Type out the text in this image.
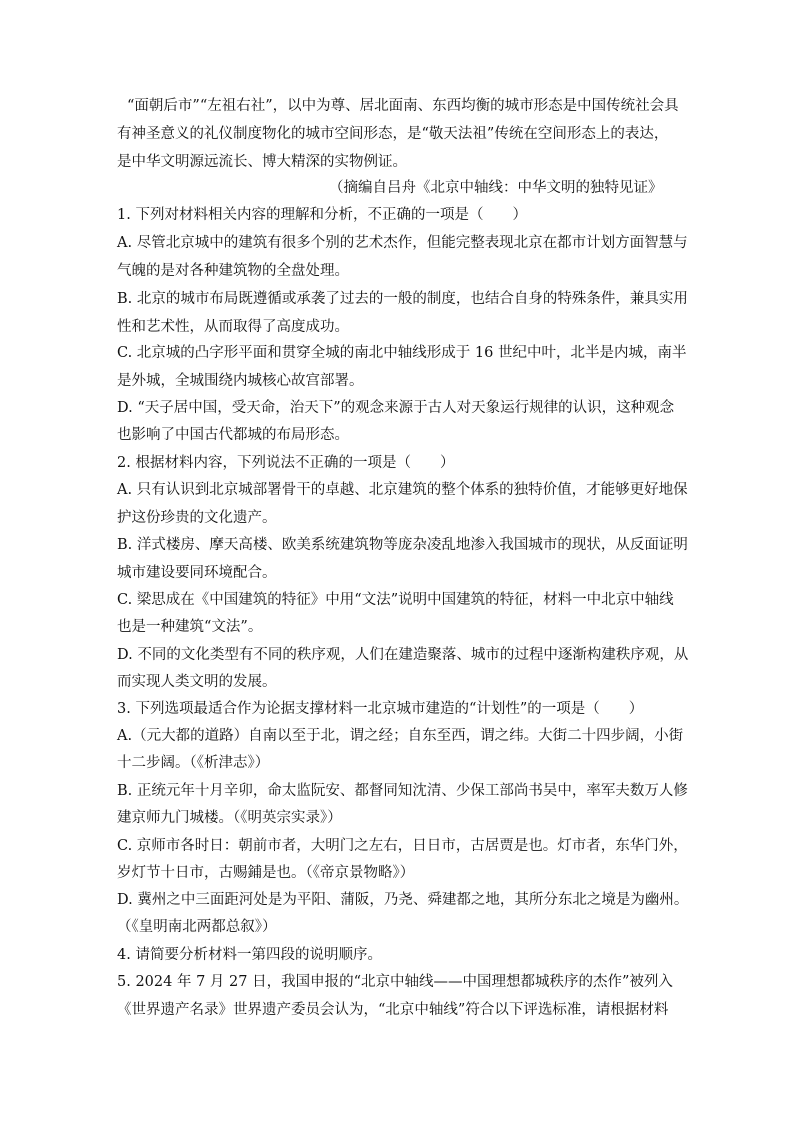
“面朝后市”“左祖右社”，以中为尊、居北面南、东西均衡的城市形态是中国传统社会具
有神圣意义的礼仪制度物化的城市空间形态，是“敬天法祖”传统在空间形态上的表达，
是中华文明源远流长、博大精深的实物例证。
（摘编自吕舟《北京中轴线：中华文明的独特见证》
1. 下列对材料相关内容的理解和分析，不正确的一项是（　　）
A. 尽管北京城中的建筑有很多个别的艺术杰作，但能完整表现北京在都市计划方面智慧与
气魄的是对各种建筑物的全盘处理。
B. 北京的城市布局既遵循或承袭了过去的一般的制度，也结合自身的特殊条件，兼具实用
性和艺术性，从而取得了高度成功。
C. 北京城的凸字形平面和贯穿全城的南北中轴线形成于 16 世纪中叶，北半是内城，南半
是外城，全城围绕内城核心故宫部署。
D. “天子居中国，受天命，治天下”的观念来源于古人对天象运行规律的认识，这种观念
也影响了中国古代都城的布局形态。
2. 根据材料内容，下列说法不正确的一项是（　　）
A. 只有认识到北京城部署骨干的卓越、北京建筑的整个体系的独特价值，才能够更好地保
护这份珍贵的文化遗产。
B. 洋式楼房、摩天高楼、欧美系统建筑物等庞杂凌乱地渗入我国城市的现状，从反面证明
城市建设要同环境配合。
C. 梁思成在《中国建筑的特征》中用“文法”说明中国建筑的特征，材料一中北京中轴线
也是一种建筑“文法”。
D. 不同的文化类型有不同的秩序观，人们在建造聚落、城市的过程中逐渐构建秩序观，从
而实现人类文明的发展。
3. 下列选项最适合作为论据支撑材料一北京城市建造的“计划性”的一项是（　　）
A.（元大都的道路）自南以至于北，谓之经；自东至西，谓之纬。大街二十四步阔，小街
十二步阔。（《析津志》）
B. 正统元年十月辛卯，命太监阮安、都督同知沈清、少保工部尚书吴中，率军夫数万人修
建京师九门城楼。（《明英宗实录》）
C. 京师市各时日：朝前市者，大明门之左右，日日市，古居贾是也。灯市者，东华门外，
岁灯节十日市，古赐鋪是也。（《帝京景物略》）
D. 冀州之中三面距河处是为平阳、蒲阪，乃尧、舜建都之地，其所分东北之境是为幽州。
（《皇明南北两都总叙》）
4. 请简要分析材料一第四段的说明顺序。
5. 2024 年 7 月 27 日，我国申报的“北京中轴线——中国理想都城秩序的杰作”被列入
《世界遗产名录》世界遗产委员会认为，“北京中轴线”符合以下评选标准，请根据材料
